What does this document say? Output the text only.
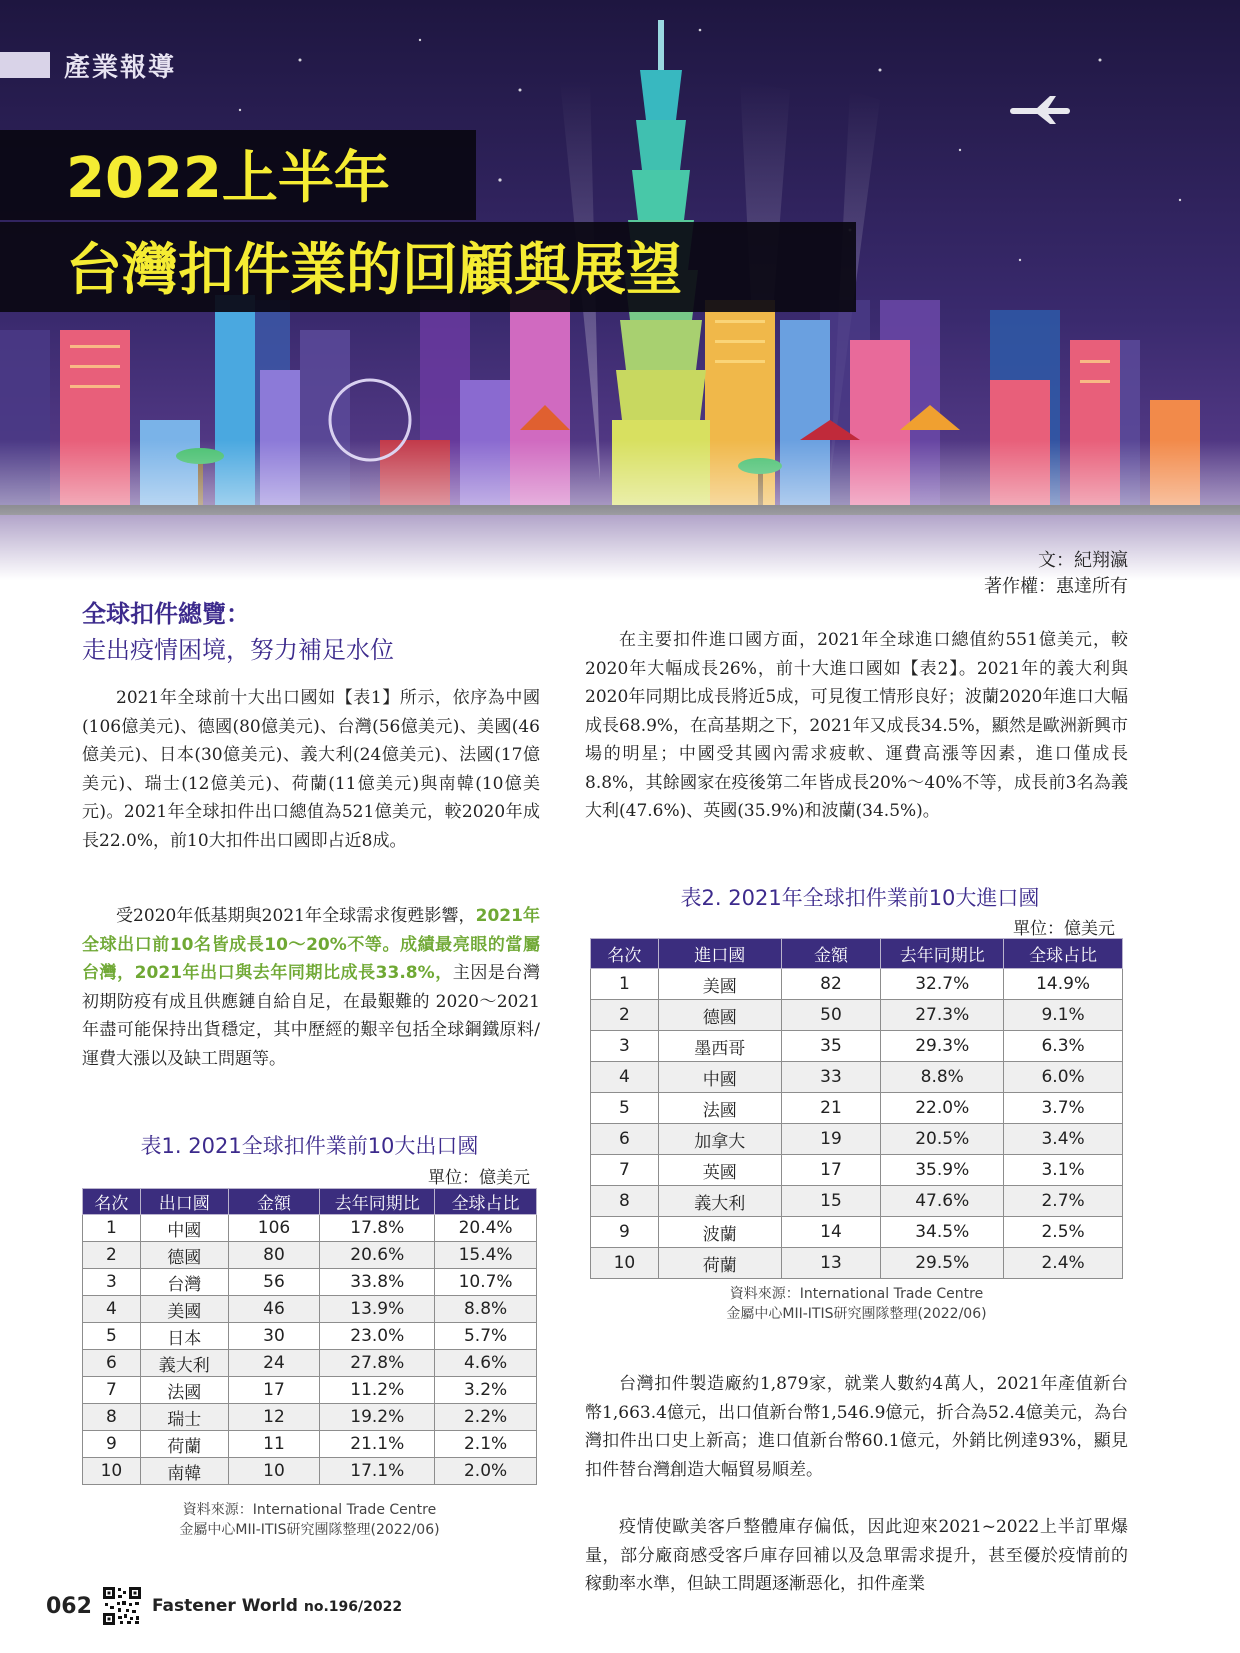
產業報導
2022上半年
台灣扣件業的回顧與展望
文：紀翔瀛
著作權：惠達所有
全球扣件總覽：
走出疫情困境，努力補足水位

2021年全球前十大出口國如【表1】所示，依序為中國(106億美元)、德國(80億美元)、台灣(56億美元)、美國(46億美元)、日本(30億美元)、義大利(24億美元)、法國(17億美元)、瑞士(12億美元)、荷蘭(11億美元)與南韓(10億美元)。2021年全球扣件出口總值為521億美元，較2020年成長22.0%，前10大扣件出口國即占近8成。

受2020年低基期與2021年全球需求復甦影響，2021年全球出口前10名皆成長10～20%不等。成績最亮眼的當屬台灣，2021年出口與去年同期比成長33.8%，主因是台灣初期防疫有成且供應鏈自給自足，在最艱難的 2020～2021年盡可能保持出貨穩定，其中歷經的艱辛包括全球鋼鐵原料/運費大漲以及缺工問題等。

表1. 2021全球扣件業前10大出口國
單位：億美元
名次	出口國	金額	去年同期比	全球占比
1	中國	106	17.8%	20.4%
2	德國	80	20.6%	15.4%
3	台灣	56	33.8%	10.7%
4	美國	46	13.9%	8.8%
5	日本	30	23.0%	5.7%
6	義大利	24	27.8%	4.6%
7	法國	17	11.2%	3.2%
8	瑞士	12	19.2%	2.2%
9	荷蘭	11	21.1%	2.1%
10	南韓	10	17.1%	2.0%
資料來源：International Trade Centre
金屬中心MII-ITIS研究團隊整理(2022/06)

在主要扣件進口國方面，2021年全球進口總值約551億美元，較2020年大幅成長26%，前十大進口國如【表2】。2021年的義大利與2020年同期比成長將近5成，可見復工情形良好；波蘭2020年進口大幅成長68.9%，在高基期之下，2021年又成長34.5%，顯然是歐洲新興市場的明星；中國受其國內需求疲軟、運費高漲等因素，進口僅成長8.8%，其餘國家在疫後第二年皆成長20%～40%不等，成長前3名為義大利(47.6%)、英國(35.9%)和波蘭(34.5%)。

表2. 2021年全球扣件業前10大進口國
單位：億美元
名次	進口國	金額	去年同期比	全球占比
1	美國	82	32.7%	14.9%
2	德國	50	27.3%	9.1%
3	墨西哥	35	29.3%	6.3%
4	中國	33	8.8%	6.0%
5	法國	21	22.0%	3.7%
6	加拿大	19	20.5%	3.4%
7	英國	17	35.9%	3.1%
8	義大利	15	47.6%	2.7%
9	波蘭	14	34.5%	2.5%
10	荷蘭	13	29.5%	2.4%
資料來源：International Trade Centre
金屬中心MII-ITIS研究團隊整理(2022/06)

台灣扣件製造廠約1,879家，就業人數約4萬人，2021年產值新台幣1,663.4億元，出口值新台幣1,546.9億元，折合為52.4億美元，為台灣扣件出口史上新高；進口值新台幣60.1億元，外銷比例達93%，顯見扣件替台灣創造大幅貿易順差。

疫情使歐美客戶整體庫存偏低，因此迎來2021~2022上半訂單爆量，部分廠商感受客戶庫存回補以及急單需求提升，甚至優於疫情前的稼動率水準，但缺工問題逐漸惡化，扣件產業

062	Fastener World no.196/2022
